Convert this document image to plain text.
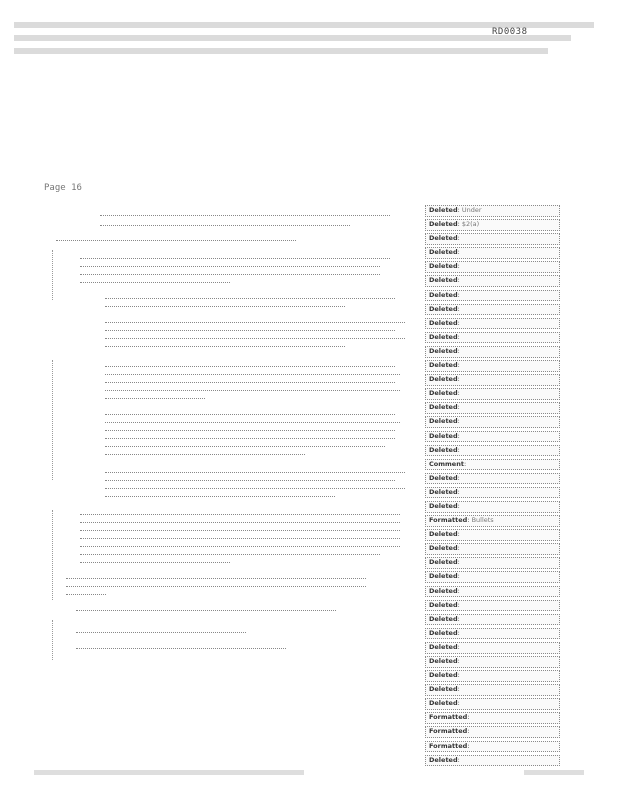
RD0038
Page 16
Deleted: Under
Deleted: $2(a)
Deleted:
Deleted:
Deleted:
Deleted:
Deleted:
Deleted:
Deleted:
Deleted:
Deleted:
Deleted:
Deleted:
Deleted:
Deleted:
Deleted:
Deleted:
Deleted:
Comment:
Deleted:
Deleted:
Deleted:
Formatted: Bullets
Deleted:
Deleted:
Deleted:
Deleted:
Deleted:
Deleted:
Deleted:
Deleted:
Deleted:
Deleted:
Deleted:
Deleted:
Deleted:
Formatted:
Formatted:
Formatted:
Deleted:
